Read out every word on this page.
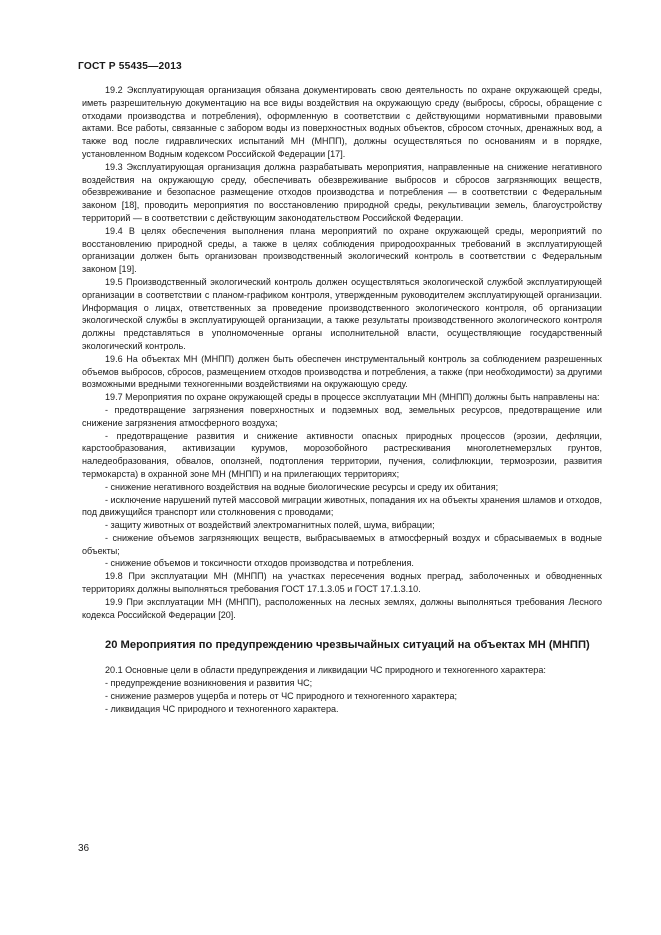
ГОСТ Р 55435—2013

19.2 Эксплуатирующая организация обязана документировать свою деятельность по охране окружающей среды, иметь разрешительную документацию на все виды воздействия на окружающую среду (выбросы, сбросы, обращение с отходами производства и потребления), оформленную в соответствии с действующими нормативными правовыми актами. Все работы, связанные с забором воды из поверхностных водных объектов, сбросом сточных, дренажных вод, а также вод после гидравлических испытаний МН (МНПП), должны осуществляться по основаниям и в порядке, установленном Водным кодексом Российской Федерации [17].

19.3 Эксплуатирующая организация должна разрабатывать мероприятия, направленные на снижение негативного воздействия на окружающую среду, обеспечивать обезвреживание выбросов и сбросов загрязняющих веществ, обезвреживание и безопасное размещение отходов производства и потребления — в соответствии с Федеральным законом [18], проводить мероприятия по восстановлению природной среды, рекультивации земель, благоустройству территорий — в соответствии с действующим законодательством Российской Федерации.

19.4 В целях обеспечения выполнения плана мероприятий по охране окружающей среды, мероприятий по восстановлению природной среды, а также в целях соблюдения природоохранных требований в эксплуатирующей организации должен быть организован производственный экологический контроль в соответствии с Федеральным законом [19].

19.5 Производственный экологический контроль должен осуществляться экологической службой эксплуатирующей организации в соответствии с планом-графиком контроля, утвержденным руководителем эксплуатирующей организации. Информация о лицах, ответственных за проведение производственного экологического контроля, об организации экологической службы в эксплуатирующей организации, а также результаты производственного экологического контроля должны представляться в уполномоченные органы исполнительной власти, осуществляющие государственный экологический контроль.

19.6 На объектах МН (МНПП) должен быть обеспечен инструментальный контроль за соблюдением разрешенных объемов выбросов, сбросов, размещением отходов производства и потребления, а также (при необходимости) за другими возможными вредными техногенными воздействиями на окружающую среду.

19.7 Мероприятия по охране окружающей среды в процессе эксплуатации МН (МНПП) должны быть направлены на:

- предотвращение загрязнения поверхностных и подземных вод, земельных ресурсов, предотвращение или снижение загрязнения атмосферного воздуха;

- предотвращение развития и снижение активности опасных природных процессов (эрозии, дефляции, карстообразования, активизации курумов, морозобойного растрескивания многолетнемерзлых грунтов, наледеобразования, обвалов, оползней, подтопления территории, пучения, солифлюкции, термоэрозии, развития термокарста) в охранной зоне МН (МНПП) и на прилегающих территориях;

- снижение негативного воздействия на водные биологические ресурсы и среду их обитания;

- исключение нарушений путей массовой миграции животных, попадания их на объекты хранения шламов и отходов, под движущийся транспорт или столкновения с проводами;

- защиту животных от воздействий электромагнитных полей, шума, вибрации;

- снижение объемов загрязняющих веществ, выбрасываемых в атмосферный воздух и сбрасываемых в водные объекты;

- снижение объемов и токсичности отходов производства и потребления.

19.8 При эксплуатации МН (МНПП) на участках пересечения водных преград, заболоченных и обводненных территориях должны выполняться требования ГОСТ 17.1.3.05 и ГОСТ 17.1.3.10.

19.9 При эксплуатации МН (МНПП), расположенных на лесных землях, должны выполняться требования Лесного кодекса Российской Федерации [20].

20 Мероприятия по предупреждению чрезвычайных ситуаций на объектах МН (МНПП)

20.1 Основные цели в области предупреждения и ликвидации ЧС природного и техногенного характера:

- предупреждение возникновения и развития ЧС;

- снижение размеров ущерба и потерь от ЧС природного и техногенного характера;

- ликвидация ЧС природного и техногенного характера.

36
